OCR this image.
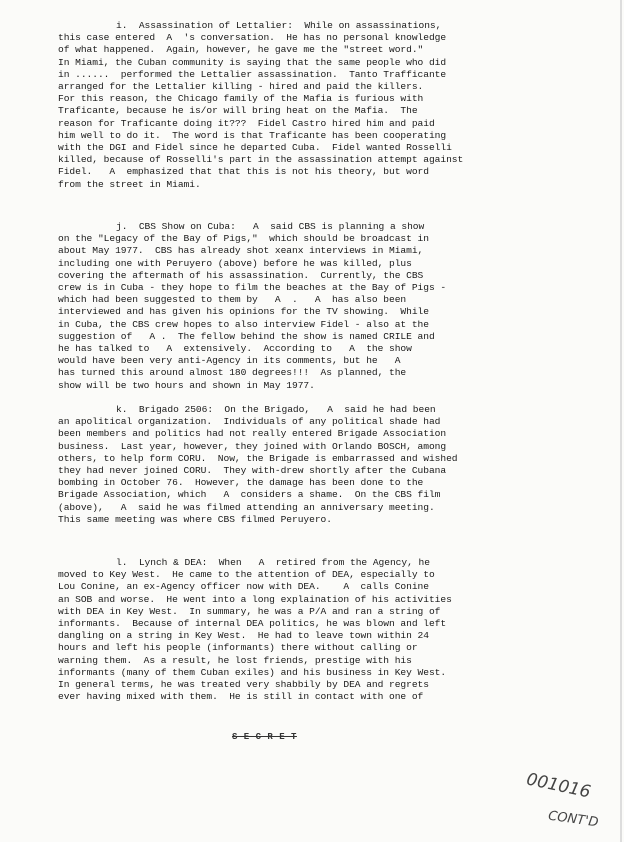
i.  Assassination of Lettalier:  While on assassinations,
this case entered  A  's conversation.  He has no personal knowledge
of what happened.  Again, however, he gave me the "street word."
In Miami, the Cuban community is saying that the same people who did
in ......  performed the Lettalier assassination.  Tanto Trafficante
arranged for the Lettalier killing - hired and paid the killers.
For this reason, the Chicago family of the Mafia is furious with
Traficante, because he is/or will bring heat on the Mafia.  The
reason for Traficante doing it???  Fidel Castro hired him and paid
him well to do it.  The word is that Traficante has been cooperating
with the DGI and Fidel since he departed Cuba.  Fidel wanted Rosselli
killed, because of Rosselli's part in the assassination attempt against
Fidel.   A  emphasized that that this is not his theory, but word
from the street in Miami.
j.  CBS Show on Cuba:   A  said CBS is planning a show
on the "Legacy of the Bay of Pigs,"  which should be broadcast in
about May 1977.  CBS has already shot xeanx interviews in Miami,
including one with Peruyero (above) before he was killed, plus
covering the aftermath of his assassination.  Currently, the CBS
crew is in Cuba - they hope to film the beaches at the Bay of Pigs -
which had been suggested to them by   A  .   A  has also been
interviewed and has given his opinions for the TV showing.  While
in Cuba, the CBS crew hopes to also interview Fidel - also at the
suggestion of   A .  The fellow behind the show is named CRILE and
he has talked to   A  extensively.  According to   A  the show
would have been very anti-Agency in its comments, but he   A
has turned this around almost 180 degrees!!!  As planned, the
show will be two hours and shown in May 1977.
k.  Brigado 2506:  On the Brigado,   A  said he had been
an apolitical organization.  Individuals of any political shade had
been members and politics had not really entered Brigade Association
business.  Last year, however, they joined with Orlando BOSCH, among
others, to help form CORU.  Now, the Brigade is embarrassed and wished
they had never joined CORU.  They with-drew shortly after the Cubana
bombing in October 76.  However, the damage has been done to the
Brigade Association, which   A  considers a shame.  On the CBS film
(above),   A  said he was filmed attending an anniversary meeting.
This same meeting was where CBS filmed Peruyero.
l.  Lynch & DEA:  When   A  retired from the Agency, he
moved to Key West.  He came to the attention of DEA, especially to
Lou Conine, an ex-Agency officer now with DEA.    A  calls Conine
an SOB and worse.  He went into a long explaination of his activities
with DEA in Key West.  In summary, he was a P/A and ran a string of
informants.  Because of internal DEA politics, he was blown and left
dangling on a string in Key West.  He had to leave town within 24
hours and left his people (informants) there without calling or
warning them.  As a result, he lost friends, prestige with his
informants (many of them Cuban exiles) and his business in Key West.
In general terms, he was treated very shabbily by DEA and regrets
ever having mixed with them.  He is still in contact with one of
S E C R E T
001016
CONT'D
